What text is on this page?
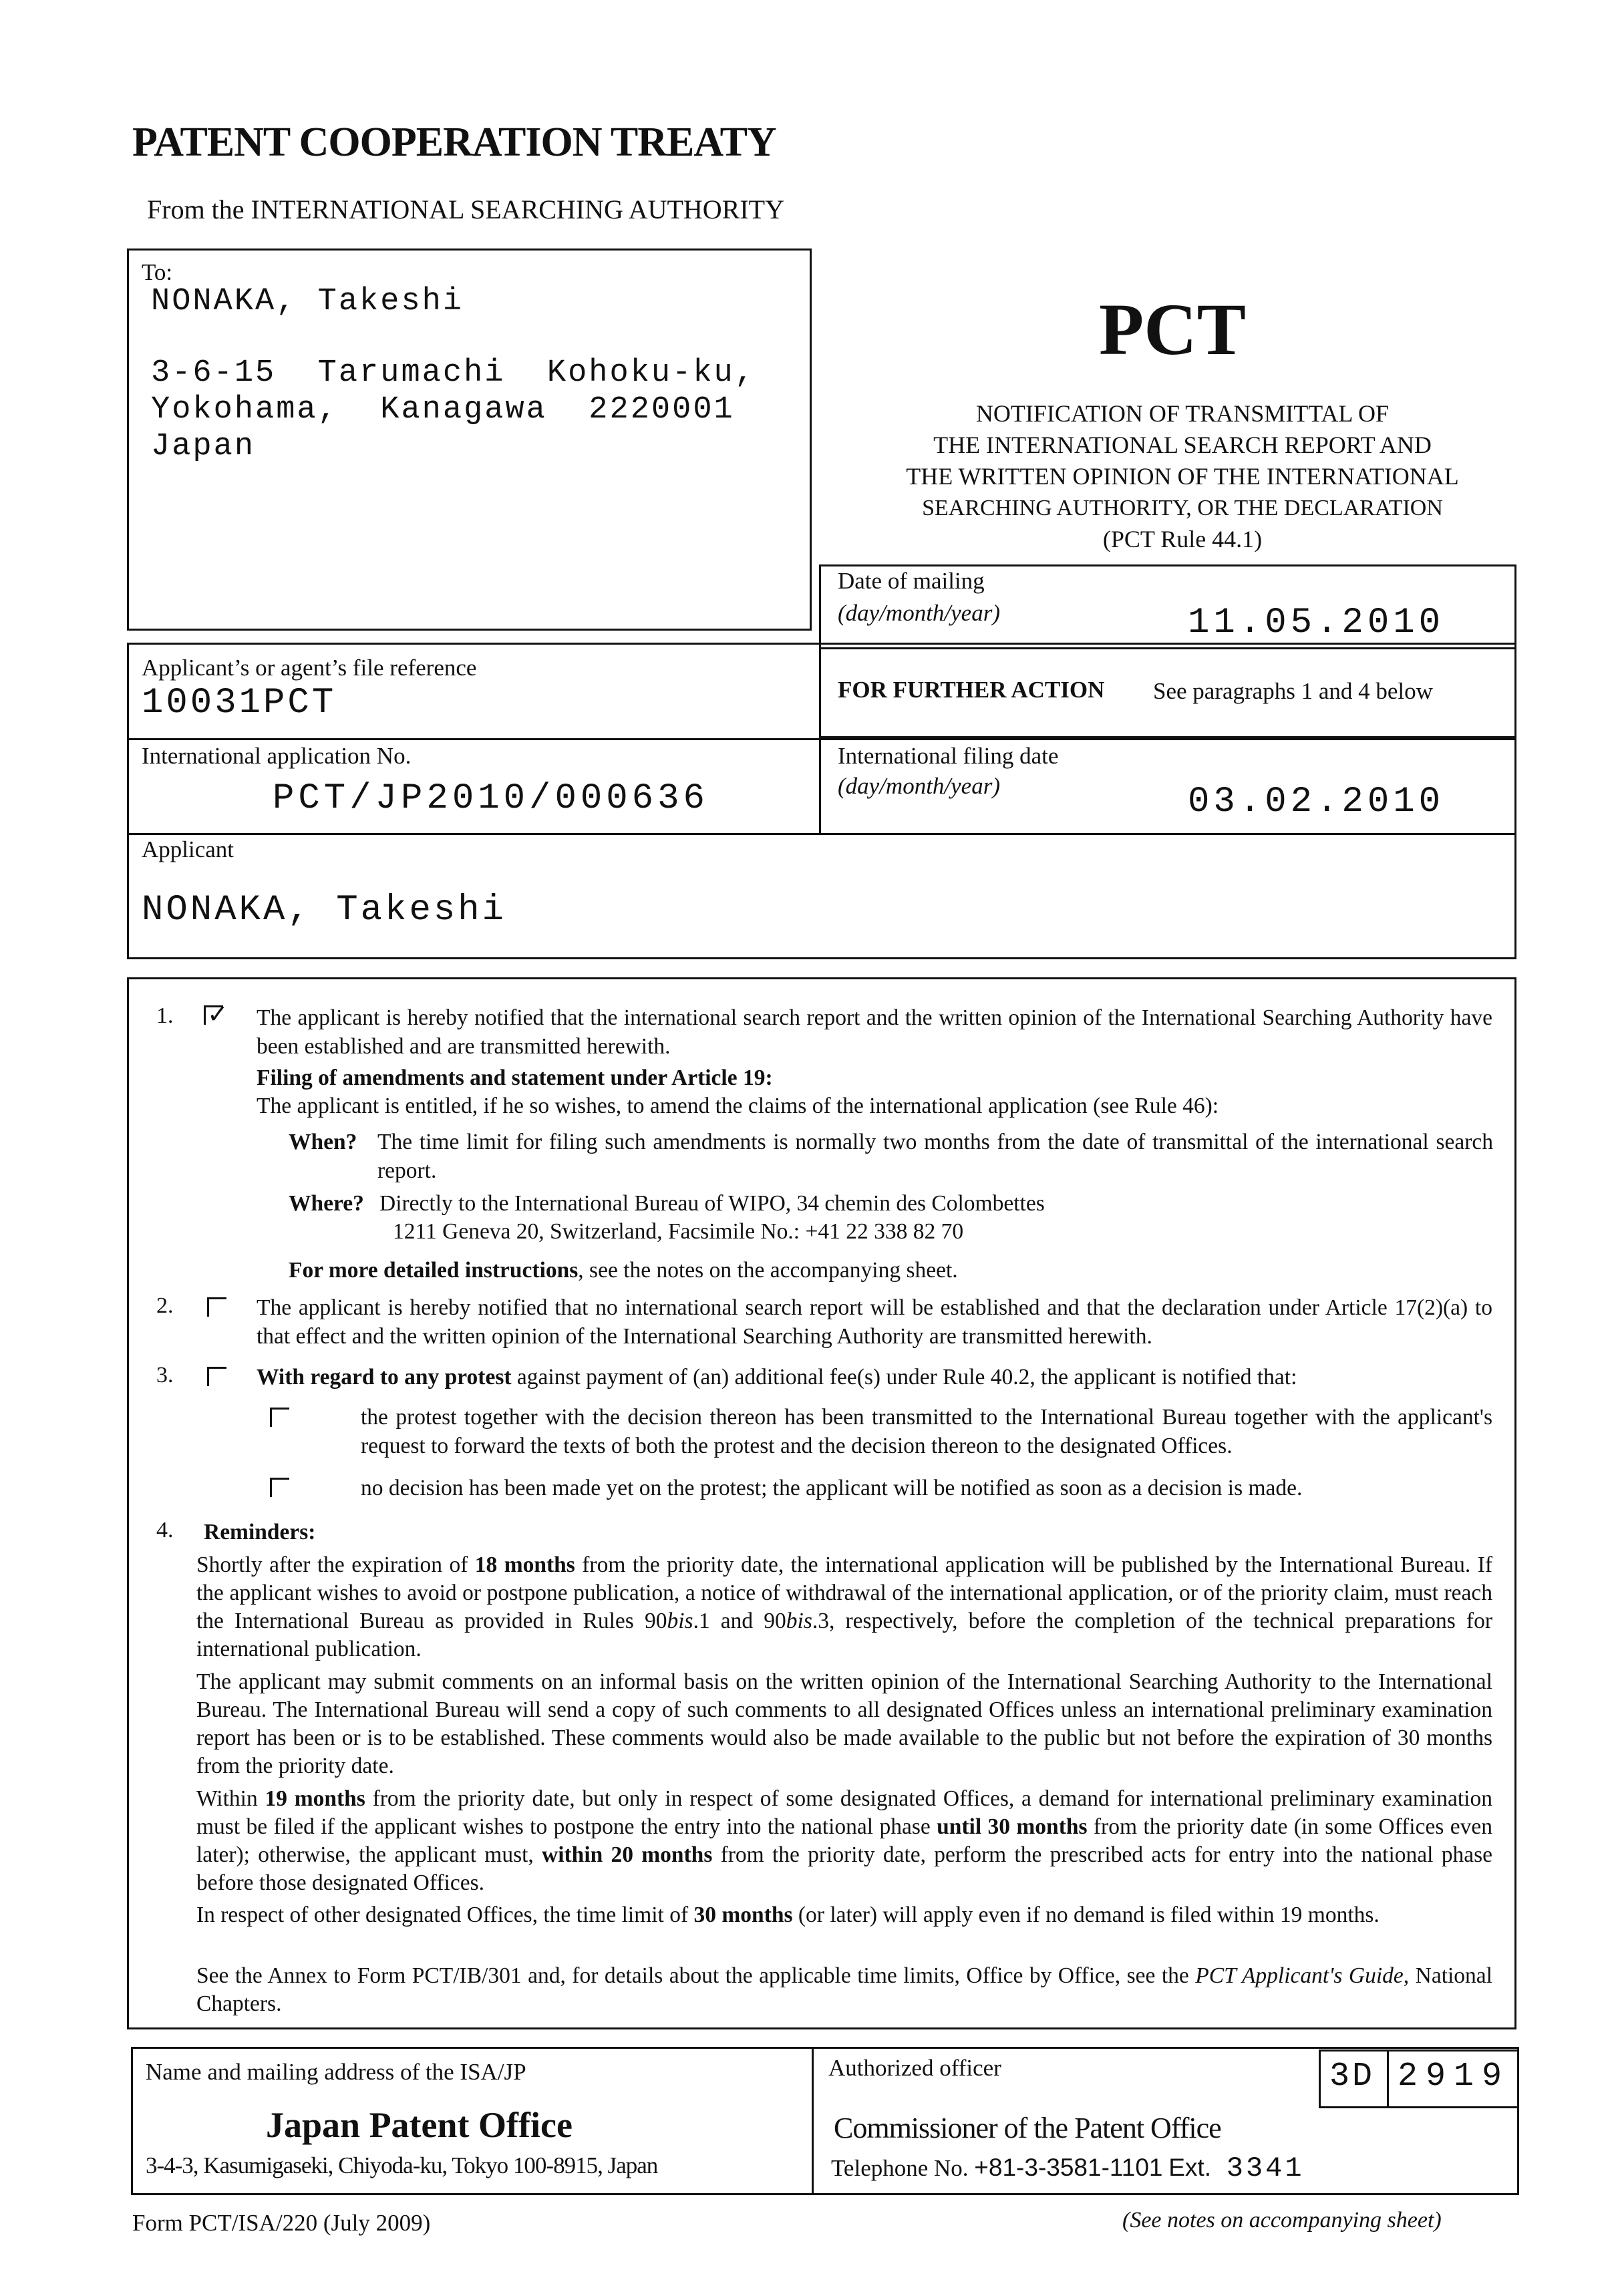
PATENT COOPERATION TREATY
From the INTERNATIONAL SEARCHING AUTHORITY
To:
NONAKA, Takeshi
3-6-15  Tarumachi  Kohoku-ku,
Yokohama,  Kanagawa  2220001
Japan
PCT
NOTIFICATION OF TRANSMITTAL OF
THE INTERNATIONAL SEARCH REPORT AND
THE WRITTEN OPINION OF THE INTERNATIONAL
SEARCHING AUTHORITY, OR THE DECLARATION
(PCT Rule 44.1)
Date of mailing
(day/month/year)	11.05.2010
FOR FURTHER ACTION See paragraphs 1 and 4 below
Applicant’s or agent’s file reference
10031PCT
International application No.
PCT/JP2010/000636
International filing date
(day/month/year)	03.02.2010
Applicant
NONAKA, Takeshi
1. ✓ The applicant is hereby notified that the international search report and the written opinion of the International Searching Authority have been established and are transmitted herewith.
Filing of amendments and statement under Article 19:
The applicant is entitled, if he so wishes, to amend the claims of the international application (see Rule 46):
When? The time limit for filing such amendments is normally two months from the date of transmittal of the international search report.
Where? Directly to the International Bureau of WIPO, 34 chemin des Colombettes
1211 Geneva 20, Switzerland, Facsimile No.: +41 22 338 82 70
For more detailed instructions, see the notes on the accompanying sheet.
2.	The applicant is hereby notified that no international search report will be established and that the declaration under Article 17(2)(a) to that effect and the written opinion of the International Searching Authority are transmitted herewith.
3.	With regard to any protest against payment of (an) additional fee(s) under Rule 40.2, the applicant is notified that:
the protest together with the decision thereon has been transmitted to the International Bureau together with the applicant's request to forward the texts of both the protest and the decision thereon to the designated Offices.
no decision has been made yet on the protest; the applicant will be notified as soon as a decision is made.
4. Reminders:
Shortly after the expiration of 18 months from the priority date, the international application will be published by the International Bureau. If the applicant wishes to avoid or postpone publication, a notice of withdrawal of the international application, or of the priority claim, must reach the International Bureau as provided in Rules 90bis.1 and 90bis.3, respectively, before the completion of the technical preparations for international publication.
The applicant may submit comments on an informal basis on the written opinion of the International Searching Authority to the International Bureau. The International Bureau will send a copy of such comments to all designated Offices unless an international preliminary examination report has been or is to be established. These comments would also be made available to the public but not before the expiration of 30 months from the priority date.
Within 19 months from the priority date, but only in respect of some designated Offices, a demand for international preliminary examination must be filed if the applicant wishes to postpone the entry into the national phase until 30 months from the priority date (in some Offices even later); otherwise, the applicant must, within 20 months from the priority date, perform the prescribed acts for entry into the national phase before those designated Offices.
In respect of other designated Offices, the time limit of 30 months (or later) will apply even if no demand is filed within 19 months.
See the Annex to Form PCT/IB/301 and, for details about the applicable time limits, Office by Office, see the PCT Applicant's Guide, National Chapters.
Name and mailing address of the ISA/JP
Japan Patent Office
3-4-3, Kasumigaseki, Chiyoda-ku, Tokyo 100-8915, Japan
Authorized officer	3D 2919
Commissioner of the Patent Office
Telephone No. +81-3-3581-1101 Ext. 3341
Form PCT/ISA/220 (July 2009)	(See notes on accompanying sheet)
